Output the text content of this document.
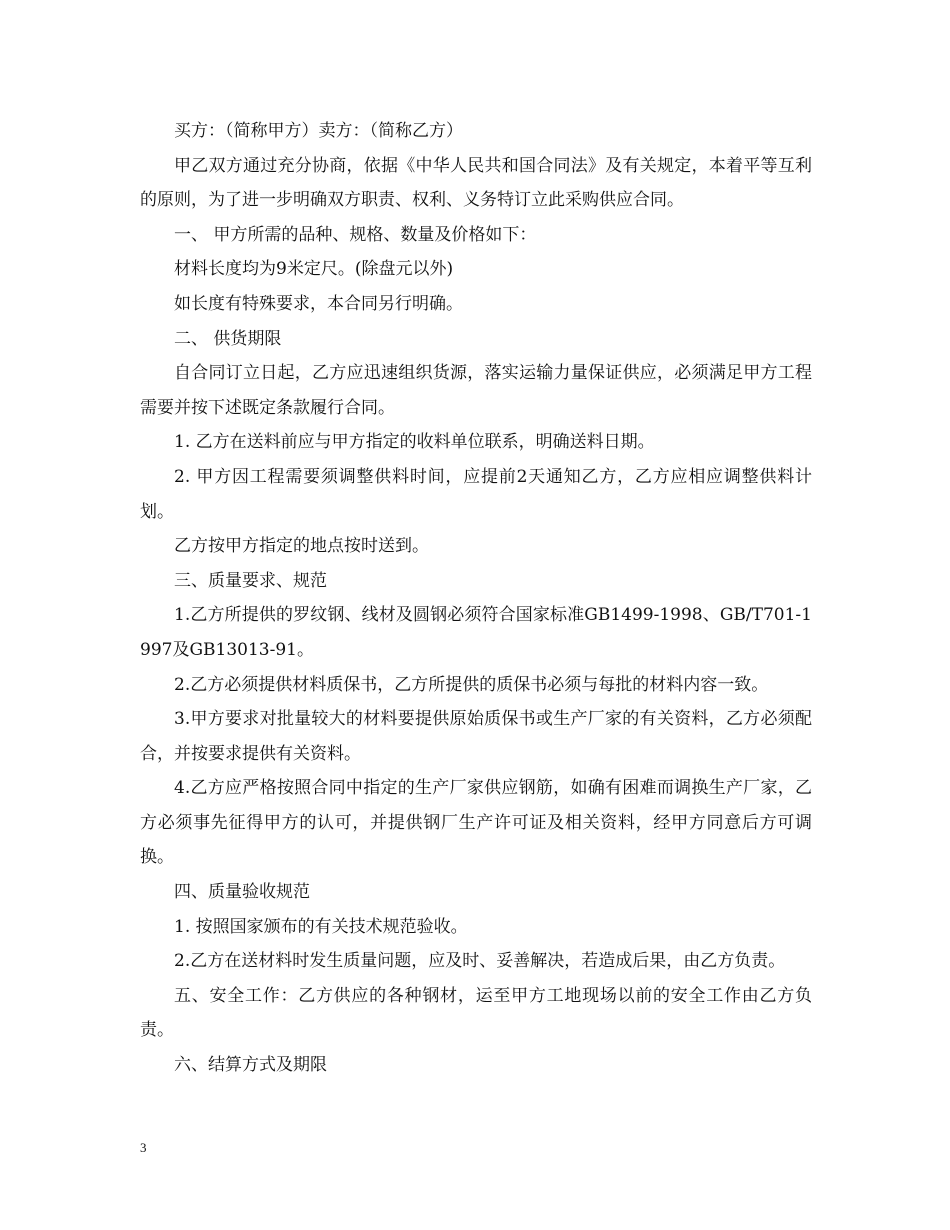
买方：（简称甲方）卖方：（简称乙方）

甲乙双方通过充分协商，依据《中华人民共和国合同法》及有关规定，本着平等互利的原则，为了进一步明确双方职责、权利、义务特订立此采购供应合同。

一、 甲方所需的品种、规格、数量及价格如下：

材料长度均为9米定尺。(除盘元以外)

如长度有特殊要求，本合同另行明确。

二、 供货期限

自合同订立日起，乙方应迅速组织货源，落实运输力量保证供应，必须满足甲方工程需要并按下述既定条款履行合同。

1. 乙方在送料前应与甲方指定的收料单位联系，明确送料日期。

2. 甲方因工程需要须调整供料时间，应提前2天通知乙方，乙方应相应调整供料计划。

乙方按甲方指定的地点按时送到。

三、质量要求、规范

1.乙方所提供的罗纹钢、线材及圆钢必须符合国家标准GB1499-1998、GB/T701-1997及GB13013-91。

2.乙方必须提供材料质保书，乙方所提供的质保书必须与每批的材料内容一致。

3.甲方要求对批量较大的材料要提供原始质保书或生产厂家的有关资料，乙方必须配合，并按要求提供有关资料。

4.乙方应严格按照合同中指定的生产厂家供应钢筋，如确有困难而调换生产厂家，乙方必须事先征得甲方的认可，并提供钢厂生产许可证及相关资料，经甲方同意后方可调换。

四、质量验收规范

1. 按照国家颁布的有关技术规范验收。

2.乙方在送材料时发生质量问题，应及时、妥善解决，若造成后果，由乙方负责。

五、安全工作：乙方供应的各种钢材，运至甲方工地现场以前的安全工作由乙方负责。

六、结算方式及期限

3
